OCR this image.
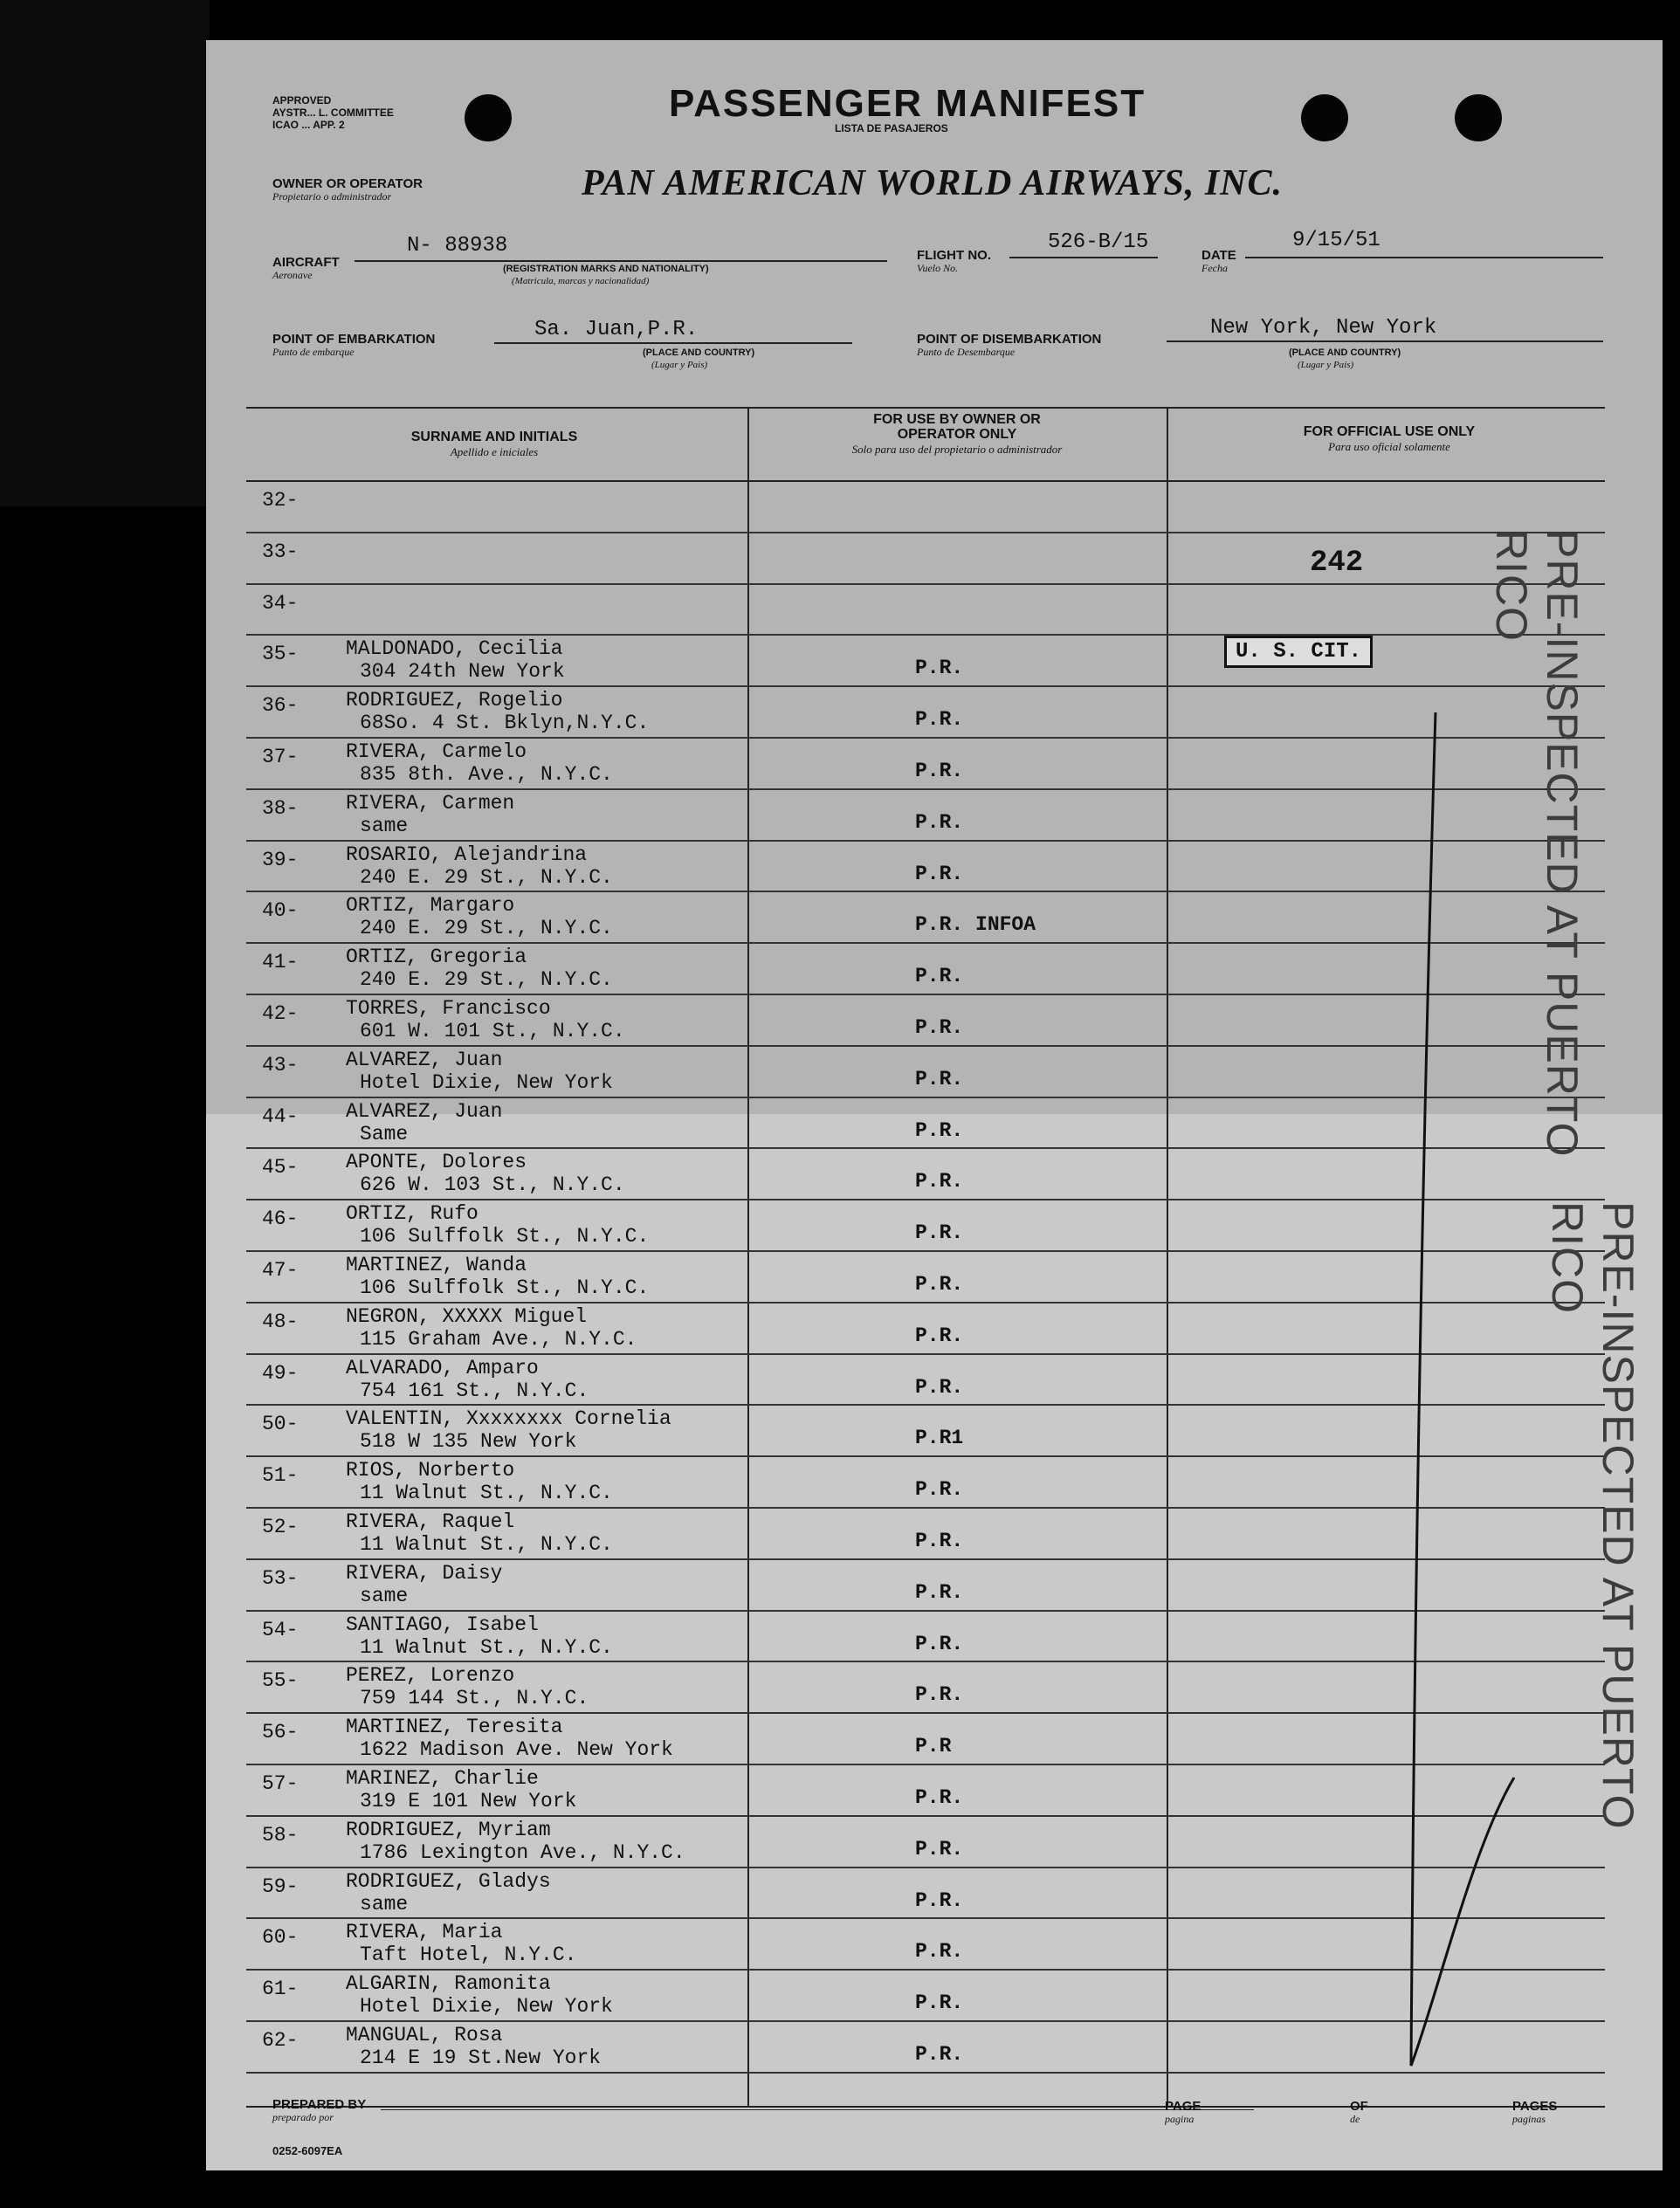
APPROVED
AYSTR... L. COMMITTEE
ICAO ... APP. 2	PASSENGER MANIFEST
LISTA DE PASAJEROS
OWNER OR OPERATOR
Propietario o administrador	PAN AMERICAN WORLD AIRWAYS, INC.
AIRCRAFT
Aeronave
N- 88938
(REGISTRATION MARKS AND NATIONALITY)
(Matricula, marcas y nacionalidad)
FLIGHT NO.
Vuelo No.
526-B/15
DATE
Fecha
9/15/51
POINT OF EMBARKATION
Punto de embarque
Sa. Juan,P.R.
(PLACE AND COUNTRY)
(Lugar y Pais)
POINT OF DISEMBARKATION
Punto de Desembarque
New York, New York
(PLACE AND COUNTRY)
(Lugar y Pais)
SURNAME AND INITIALS
Apellido e iniciales
FOR USE BY OWNER OR OPERATOR ONLY
Solo para uso del propietario o administrador
FOR OFFICIAL USE ONLY
Para uso oficial solamente
32-
33-
34-
35- MALDONADO, Cecilia
304 24th New York	P.R.
36- RODRIGUEZ, Rogelio
68So. 4 St. Bklyn,N.Y.C.	P.R.
37- RIVERA, Carmelo
835 8th. Ave., N.Y.C.	P.R.
38- RIVERA, Carmen
same	P.R.
39- ROSARIO, Alejandrina
240 E. 29 St., N.Y.C.	P.R.
40- ORTIZ, Margaro
240 E. 29 St., N.Y.C.	P.R. INFOA
41- ORTIZ, Gregoria
240 E. 29 St., N.Y.C.	P.R.
42- TORRES, Francisco
601 W. 101 St., N.Y.C.	P.R.
43- ALVAREZ, Juan
Hotel Dixie, New York	P.R.
44- ALVAREZ, Juan
Same	P.R.
45- APONTE, Dolores
626 W. 103 St., N.Y.C.	P.R.
46- ORTIZ, Rufo
106 Sulffolk St., N.Y.C.	P.R.
47- MARTINEZ, Wanda
106 Sulffolk St., N.Y.C.	P.R.
48- NEGRON, XXXXX Miguel
115 Graham Ave., N.Y.C.	P.R.
49- ALVARADO, Amparo
754 161 St., N.Y.C.	P.R.
50- VALENTIN, Xxxxxxxx Cornelia
518 W 135 New York	P.R1
51- RIOS, Norberto
11 Walnut St., N.Y.C.	P.R.
52- RIVERA, Raquel
11 Walnut St., N.Y.C.	P.R.
53- RIVERA, Daisy
same	P.R.
54- SANTIAGO, Isabel
11 Walnut St., N.Y.C.	P.R.
55- PEREZ, Lorenzo
759 144 St., N.Y.C.	P.R.
56- MARTINEZ, Teresita
1622 Madison Ave. New York	P.R
57- MARINEZ, Charlie
319 E 101 New York	P.R.
58- RODRIGUEZ, Myriam
1786 Lexington Ave., N.Y.C.	P.R.
59- RODRIGUEZ, Gladys
same	P.R.
60- RIVERA, Maria
Taft Hotel, N.Y.C.	P.R.
61- ALGARIN, Ramonita
Hotel Dixie, New York	P.R.
62- MANGUAL, Rosa
214 E 19 St.New York	P.R.
242
U. S. CIT.	PRE-INSPECTED AT PUERTO RICO
PRE-INSPECTED AT PUERTO RICO
PREPARED BY
preparado por
PAGE
pagina
OF
de
PAGES
paginas
0252-6097EA
